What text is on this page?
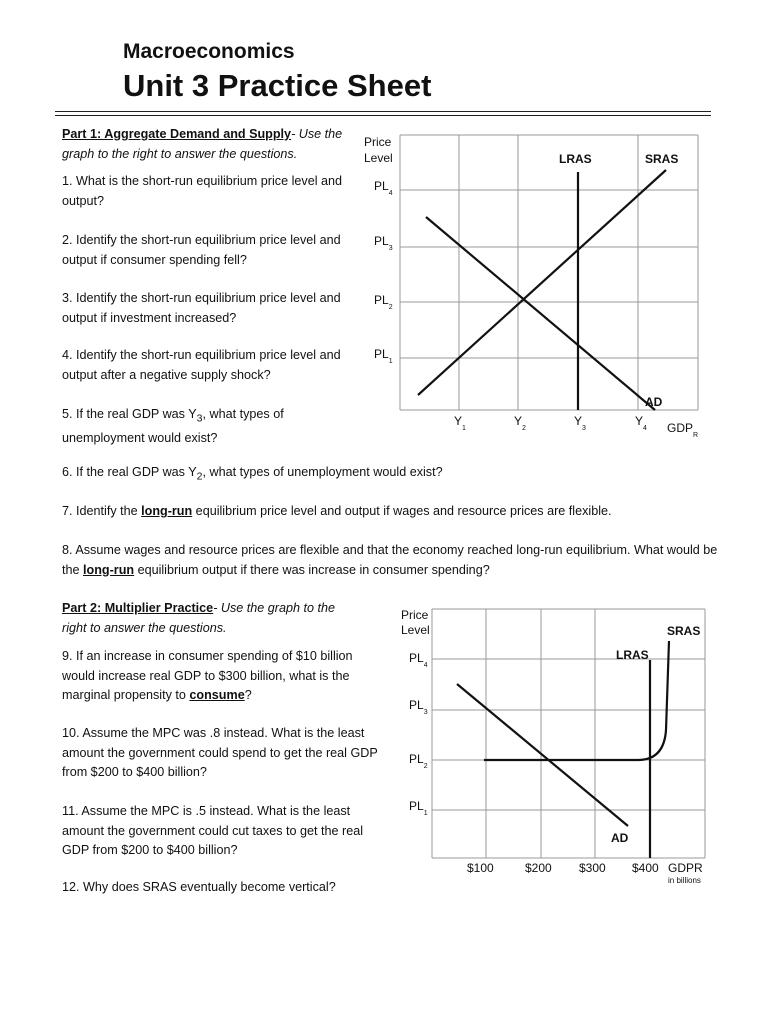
Macroeconomics
Unit 3 Practice Sheet
Part 1: Aggregate Demand and Supply- Use the graph to the right to answer the questions.
1. What is the short-run equilibrium price level and output?
2. Identify the short-run equilibrium price level and output if consumer spending fell?
3. Identify the short-run equilibrium price level and output if investment increased?
4. Identify the short-run equilibrium price level and output after a negative supply shock?
5. If the real GDP was $Y_3$, what types of unemployment would exist?
6. If the real GDP was $Y_2$, what types of unemployment would exist?
7. Identify the long-run equilibrium price level and output if wages and resource prices are flexible.
8. Assume wages and resource prices are flexible and that the economy reached long-run equilibrium. What would be the long-run equilibrium output if there was increase in consumer spending?
Part 2: Multiplier Practice- Use the graph to the right to answer the questions.
9. If an increase in consumer spending of $10 billion would increase real GDP to $300 billion, what is the marginal propensity to consume?
10. Assume the MPC was .8 instead. What is the least amount the government could spend to get the real GDP from $200 to $400 billion?
11. Assume the MPC is .5 instead. What is the least amount the government could cut taxes to get the real GDP from $200 to $400 billion?
12. Why does SRAS eventually become vertical?
Price
Level
$PL_4$
$PL_3$
$PL_2$
$PL_1$
$Y_1$
$Y_2$
$Y_3$
$Y_4$ $GDP_R$
LRAS	SRAS
AD
Price
Level
$PL_4$
$PL_3$
$PL_2$
$PL_1$
$100	$200 $300 $400 GDPR
in billions
LRAS
SRAS
AD
